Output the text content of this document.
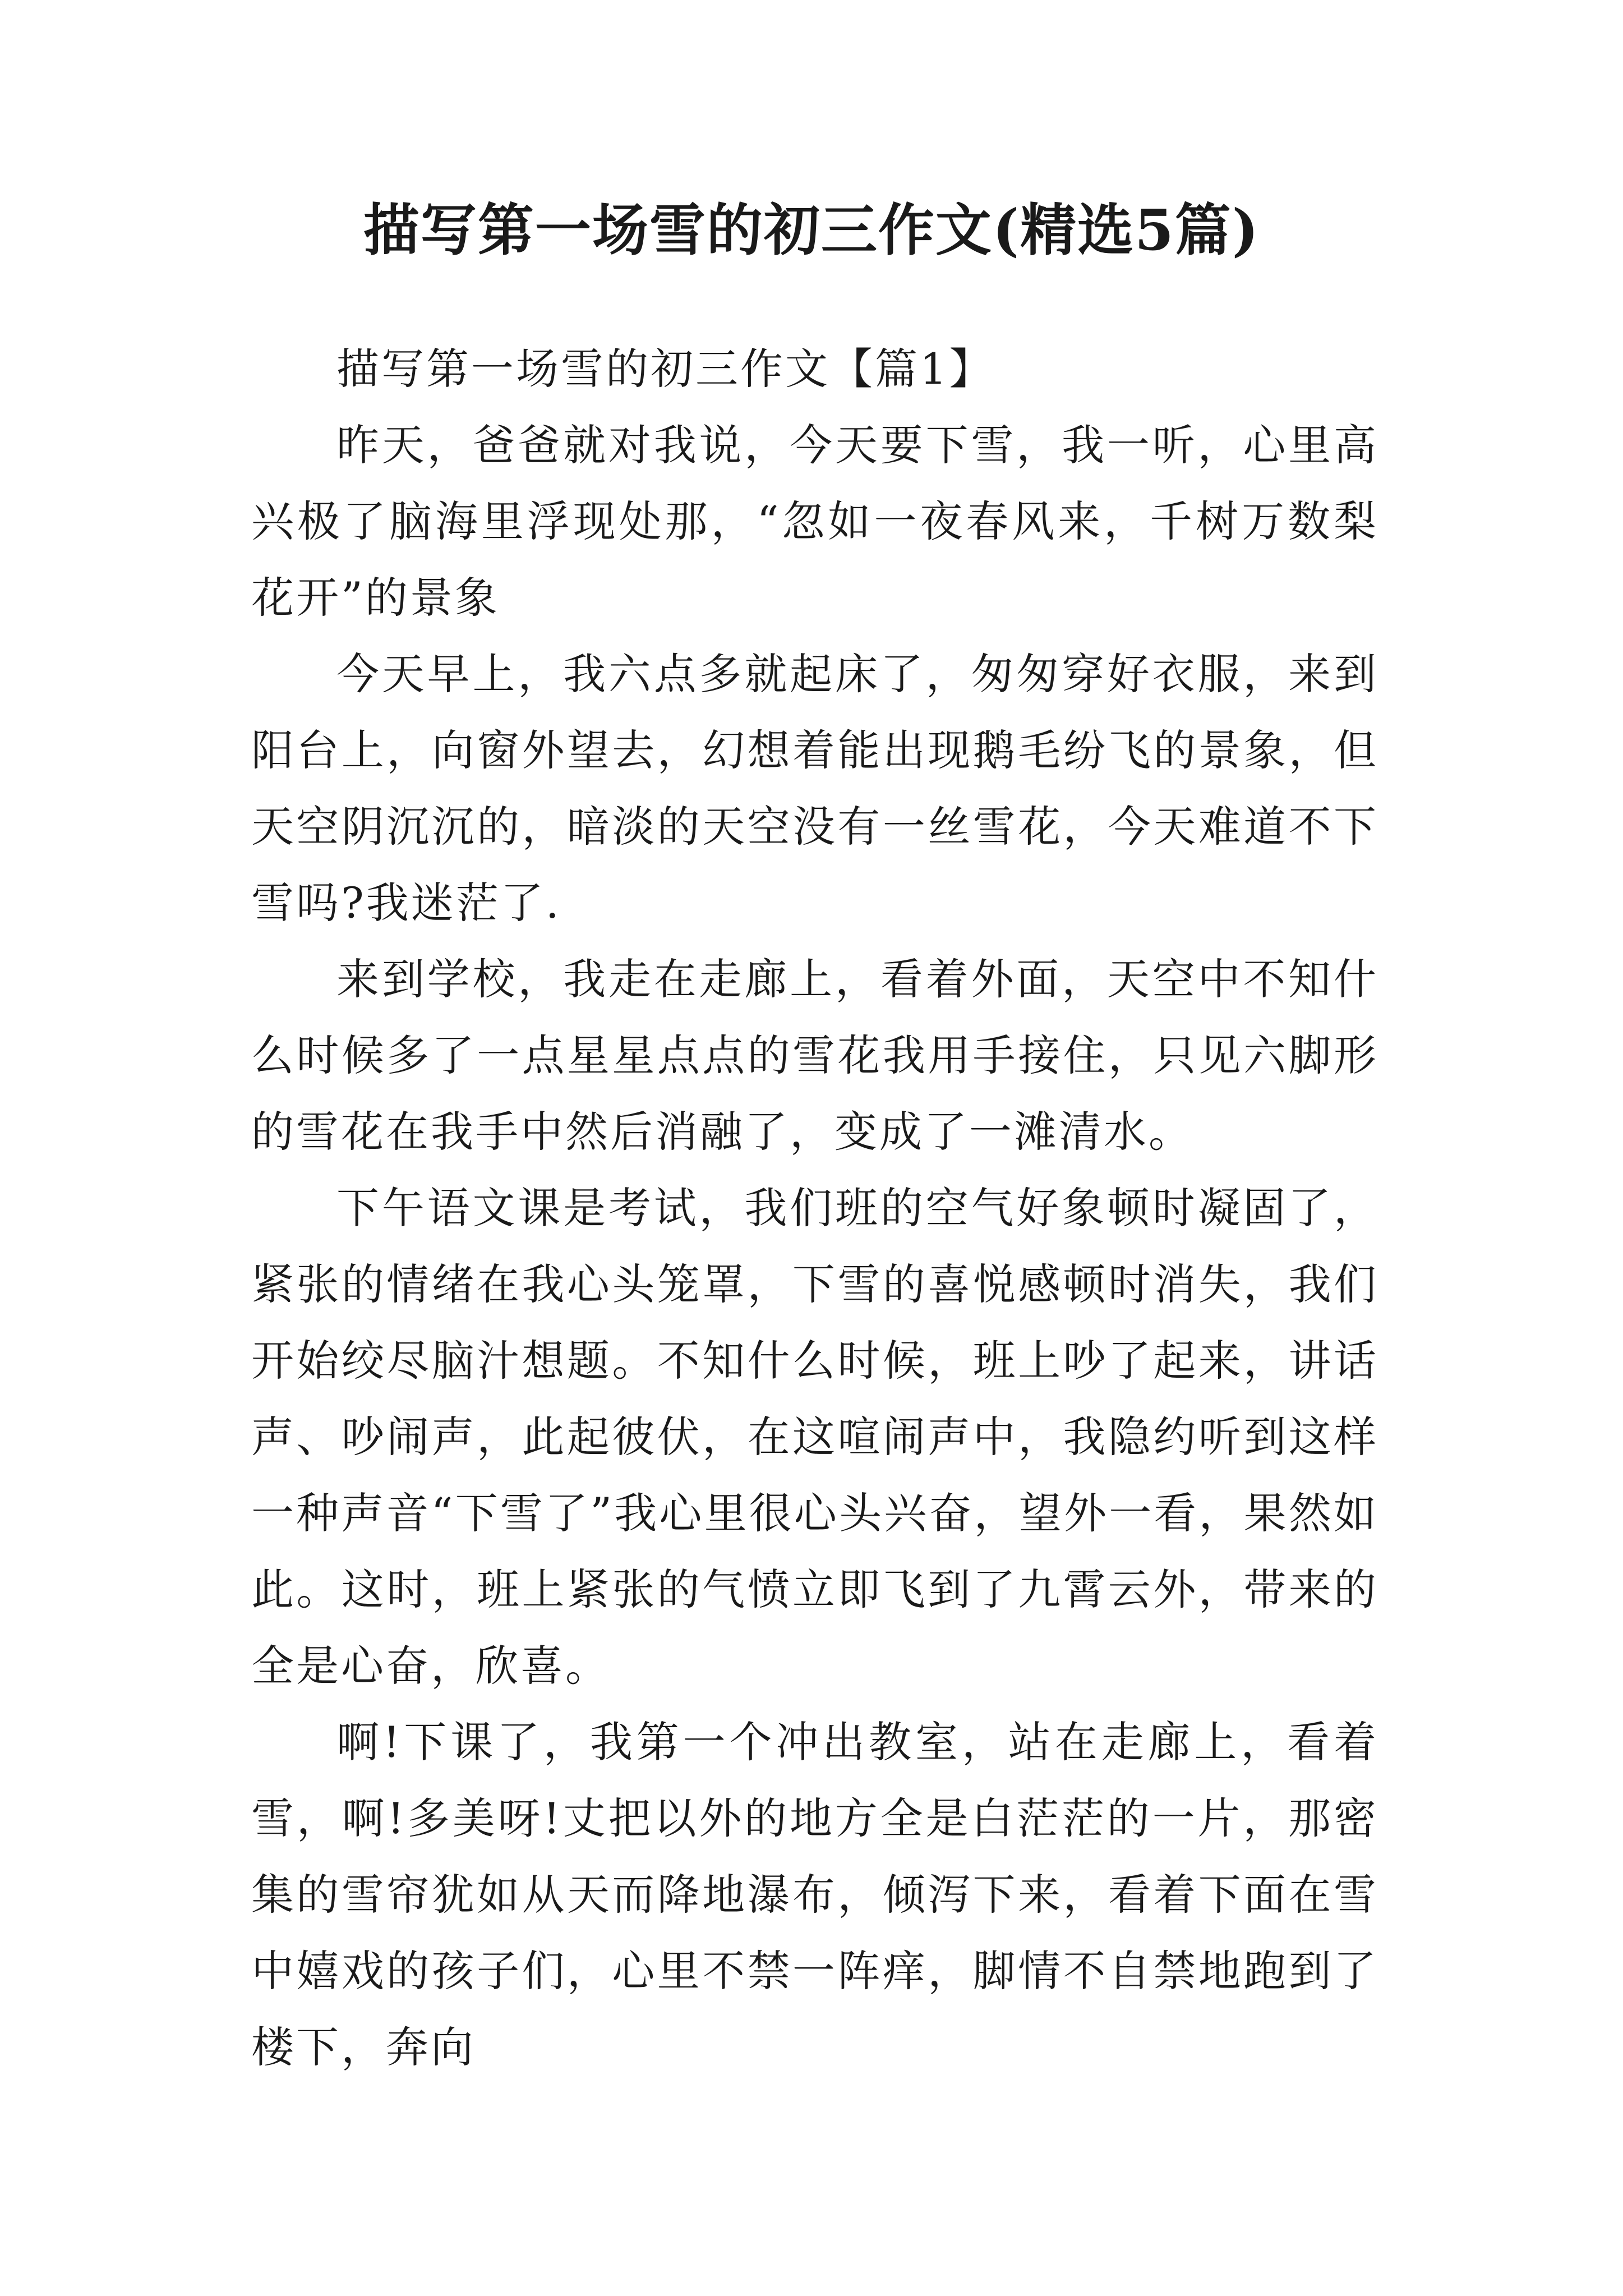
描写第一场雪的初三作文(精选5篇)

描写第一场雪的初三作文【篇1】

昨天，爸爸就对我说，今天要下雪，我一听，心里高兴极了脑海里浮现处那，“忽如一夜春风来，千树万数梨花开”的景象

今天早上，我六点多就起床了，匆匆穿好衣服，来到阳台上，向窗外望去，幻想着能出现鹅毛纷飞的景象，但天空阴沉沉的，暗淡的天空没有一丝雪花，今天难道不下雪吗?我迷茫了.

来到学校，我走在走廊上，看着外面，天空中不知什么时候多了一点星星点点的雪花我用手接住，只见六脚形的雪花在我手中然后消融了，变成了一滩清水。

下午语文课是考试，我们班的空气好象顿时凝固了，紧张的情绪在我心头笼罩，下雪的喜悦感顿时消失，我们开始绞尽脑汁想题。不知什么时候，班上吵了起来，讲话声、吵闹声，此起彼伏，在这喧闹声中，我隐约听到这样一种声音“下雪了”我心里很心头兴奋，望外一看，果然如此。这时，班上紧张的气愤立即飞到了九霄云外，带来的全是心奋，欣喜。

啊!下课了，我第一个冲出教室，站在走廊上，看着雪，啊!多美呀!丈把以外的地方全是白茫茫的一片，那密集的雪帘犹如从天而降地瀑布，倾泻下来，看着下面在雪中嬉戏的孩子们，心里不禁一阵痒，脚情不自禁地跑到了楼下，奔向
